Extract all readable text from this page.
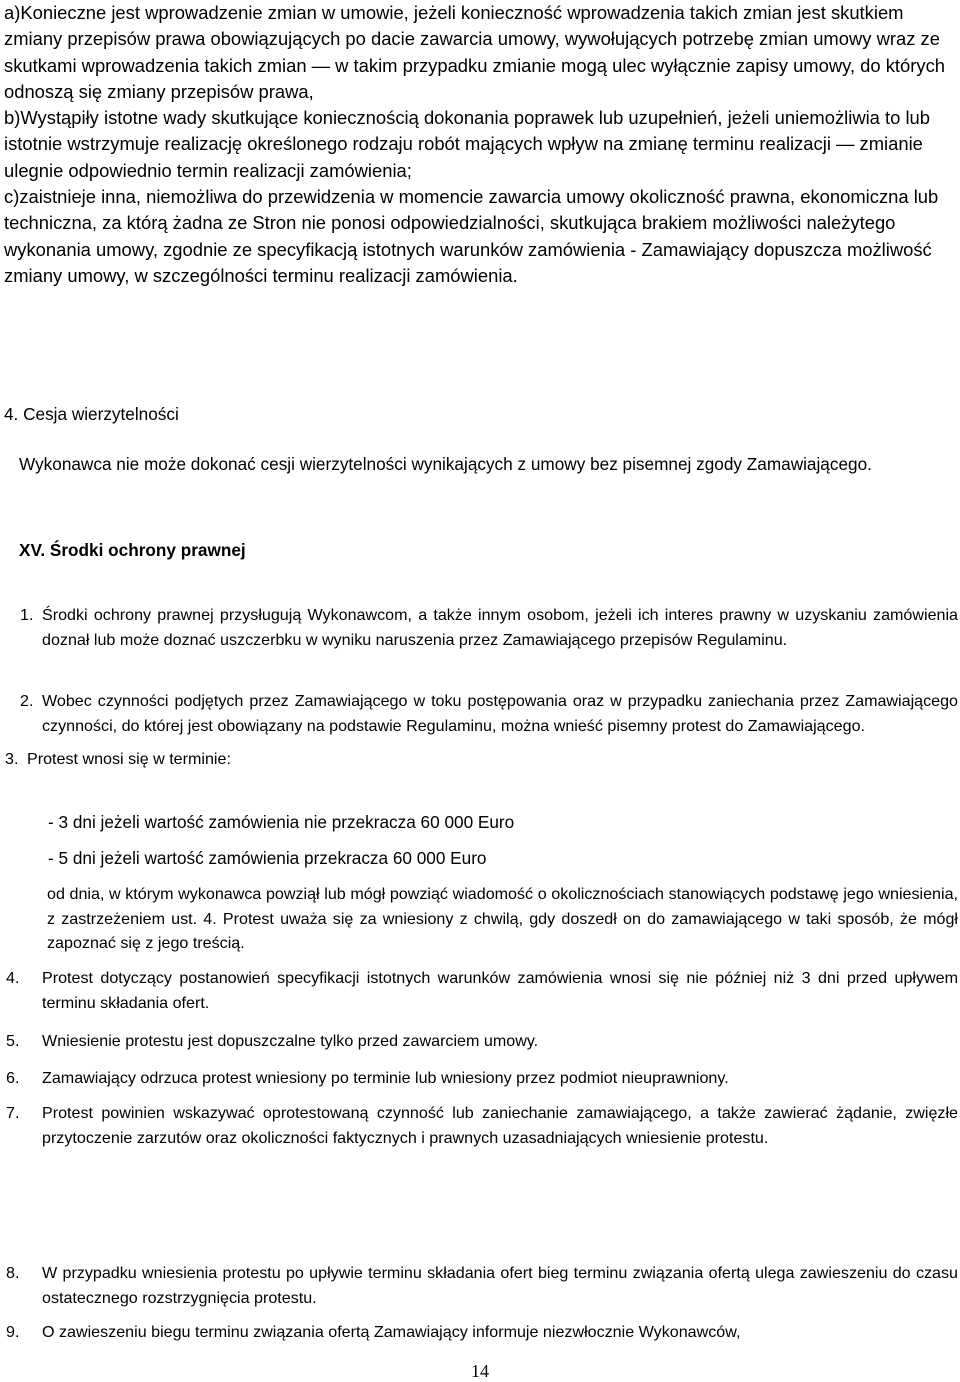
a)Konieczne jest wprowadzenie zmian w umowie, jeżeli konieczność wprowadzenia takich zmian jest skutkiem zmiany przepisów prawa obowiązujących po dacie zawarcia umowy, wywołujących potrzebę zmian umowy wraz ze skutkami wprowadzenia takich zmian — w takim przypadku zmianie mogą ulec wyłącznie zapisy umowy, do których odnoszą się zmiany przepisów prawa,

b)Wystąpiły istotne wady skutkujące koniecznością dokonania poprawek lub uzupełnień, jeżeli uniemożliwia to lub istotnie wstrzymuje realizację określonego rodzaju robót mających wpływ na zmianę terminu realizacji — zmianie ulegnie odpowiednio termin realizacji zamówienia;

c)zaistnieje inna, niemożliwa do przewidzenia w momencie zawarcia umowy okoliczność prawna, ekonomiczna lub techniczna, za którą żadna ze Stron nie ponosi odpowiedzialności, skutkująca brakiem możliwości należytego wykonania umowy, zgodnie ze specyfikacją istotnych warunków zamówienia - Zamawiający dopuszcza możliwość zmiany umowy, w szczególności terminu realizacji zamówienia.

4. Cesja wierzytelności
Wykonawca nie może dokonać cesji wierzytelności wynikających z umowy bez pisemnej zgody Zamawiającego.
XV. Środki ochrony prawnej
1. Środki ochrony prawnej przysługują Wykonawcom, a także innym osobom, jeżeli ich interes prawny w uzyskaniu zamówienia doznał lub może doznać uszczerbku w wyniku naruszenia przez Zamawiającego przepisów Regulaminu.
2. Wobec czynności podjętych przez Zamawiającego w toku postępowania oraz w przypadku zaniechania przez Zamawiającego czynności, do której jest obowiązany na podstawie Regulaminu, można wnieść pisemny protest do Zamawiającego.
3. Protest wnosi się w terminie:
- 3 dni jeżeli wartość zamówienia nie przekracza 60 000 Euro
- 5 dni jeżeli wartość zamówienia przekracza 60 000 Euro
od dnia, w którym wykonawca powziął lub mógł powziąć wiadomość o okolicznościach stanowiących podstawę jego wniesienia, z zastrzeżeniem ust. 4. Protest uważa się za wniesiony z chwilą, gdy doszedł on do zamawiającego w taki sposób, że mógł zapoznać się z jego treścią.
4. Protest dotyczący postanowień specyfikacji istotnych warunków zamówienia wnosi się nie później niż 3 dni przed upływem terminu składania ofert.
5. Wniesienie protestu jest dopuszczalne tylko przed zawarciem umowy.
6. Zamawiający odrzuca protest wniesiony po terminie lub wniesiony przez podmiot nieuprawniony.
7. Protest powinien wskazywać oprotestowaną czynność lub zaniechanie zamawiającego, a także zawierać żądanie, zwięzłe przytoczenie zarzutów oraz okoliczności faktycznych i prawnych uzasadniających wniesienie protestu.
8. W przypadku wniesienia protestu po upływie terminu składania ofert bieg terminu związania ofertą ulega zawieszeniu do czasu ostatecznego rozstrzygnięcia protestu.
9. O zawieszeniu biegu terminu związania ofertą Zamawiający informuje niezwłocznie Wykonawców,
14
